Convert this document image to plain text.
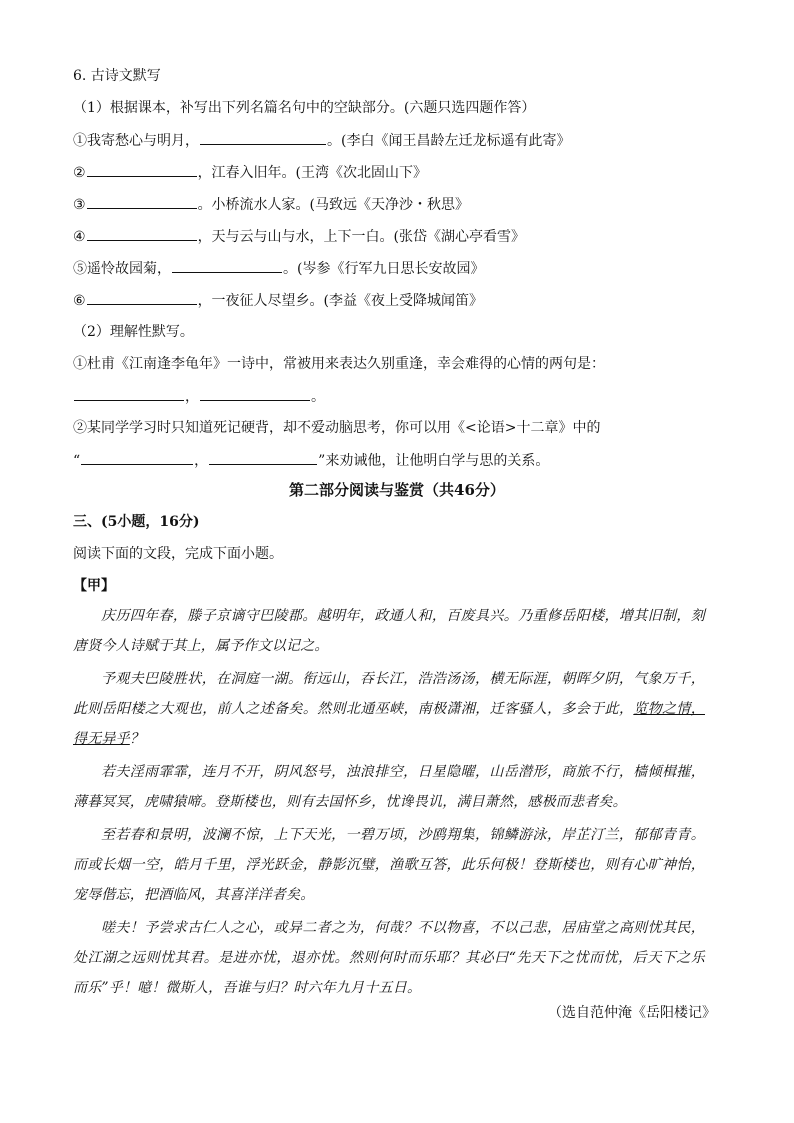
6. 古诗文默写
（1）根据课本，补写出下列名篇名句中的空缺部分。(六题只选四题作答）
①我寄愁心与明月，	。(李白《闻王昌龄左迁龙标遥有此寄》
②	，江春入旧年。(王湾《次北固山下》
③	。小桥流水人家。(马致远《天净沙・秋思》
④	，天与云与山与水，上下一白。(张岱《湖心亭看雪》
⑤遥怜故园菊，	。(岑参《行军九日思长安故园》
⑥	，一夜征人尽望乡。(李益《夜上受降城闻笛》
（2）理解性默写。
①杜甫《江南逢李龟年》一诗中，常被用来表达久别重逢，幸会难得的心情的两句是：
，	。
②某同学学习时只知道死记硬背，却不爱动脑思考，你可以用《<论语>十二章》中的
“	，	”来劝诫他，让他明白学与思的关系。
第二部分阅读与鉴赏（共46分）
三、(5小题，16分)
阅读下面的文段，完成下面小题。
【甲】

庆历四年春，滕子京谪守巴陵郡。越明年，政通人和，百废具兴。乃重修岳阳楼，增其旧制，刻唐贤今人诗赋于其上，属予作文以记之。

予观夫巴陵胜状，在洞庭一湖。衔远山，吞长江，浩浩汤汤，横无际涯，朝晖夕阴，气象万千，此则岳阳楼之大观也，前人之述备矣。然则北通巫峡，南极潇湘，迁客骚人，多会于此，览物之情，得无异乎？

若夫淫雨霏霏，连月不开，阴风怒号，浊浪排空，日星隐曜，山岳潜形，商旅不行，樯倾楫摧，薄暮冥冥，虎啸猿啼。登斯楼也，则有去国怀乡，忧谗畏讥，满目萧然，感极而悲者矣。

至若春和景明，波澜不惊，上下天光，一碧万顷，沙鸥翔集，锦鳞游泳，岸芷汀兰，郁郁青青。而或长烟一空，皓月千里，浮光跃金，静影沉璧，渔歌互答，此乐何极！登斯楼也，则有心旷神怡，宠辱偕忘，把酒临风，其喜洋洋者矣。

嗟夫！予尝求古仁人之心，或异二者之为，何哉？不以物喜，不以己悲，居庙堂之高则忧其民，处江湖之远则忧其君。是进亦忧，退亦忧。然则何时而乐耶？其必曰“先天下之忧而忧，后天下之乐而乐”乎！噫！微斯人，吾谁与归？时六年九月十五日。

（选自范仲淹《岳阳楼记》
